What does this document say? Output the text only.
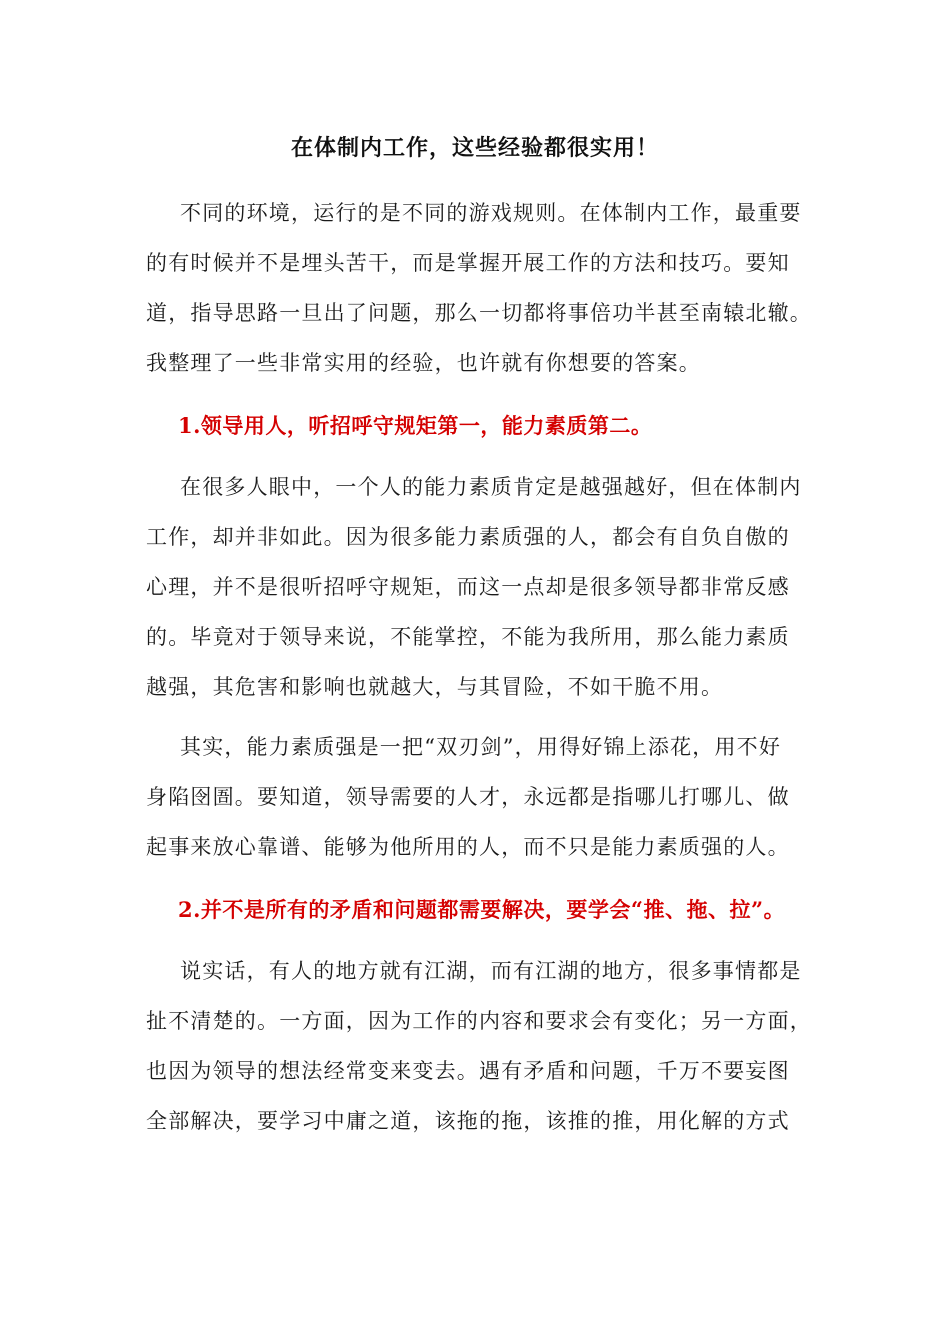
在体制内工作，这些经验都很实用！

不同的环境，运行的是不同的游戏规则。在体制内工作，最重要
的有时候并不是埋头苦干，而是掌握开展工作的方法和技巧。要知
道，指导思路一旦出了问题，那么一切都将事倍功半甚至南辕北辙。
我整理了一些非常实用的经验，也许就有你想要的答案。

1.领导用人，听招呼守规矩第一，能力素质第二。

在很多人眼中，一个人的能力素质肯定是越强越好，但在体制内
工作，却并非如此。因为很多能力素质强的人，都会有自负自傲的
心理，并不是很听招呼守规矩，而这一点却是很多领导都非常反感
的。毕竟对于领导来说，不能掌控，不能为我所用，那么能力素质
越强，其危害和影响也就越大，与其冒险，不如干脆不用。

其实，能力素质强是一把“双刃剑”，用得好锦上添花，用不好
身陷囹圄。要知道，领导需要的人才，永远都是指哪儿打哪儿、做
起事来放心靠谱、能够为他所用的人，而不只是能力素质强的人。

2.并不是所有的矛盾和问题都需要解决，要学会“推、拖、拉”。

说实话，有人的地方就有江湖，而有江湖的地方，很多事情都是
扯不清楚的。一方面，因为工作的内容和要求会有变化；另一方面，
也因为领导的想法经常变来变去。遇有矛盾和问题，千万不要妄图
全部解决，要学习中庸之道，该拖的拖，该推的推，用化解的方式
